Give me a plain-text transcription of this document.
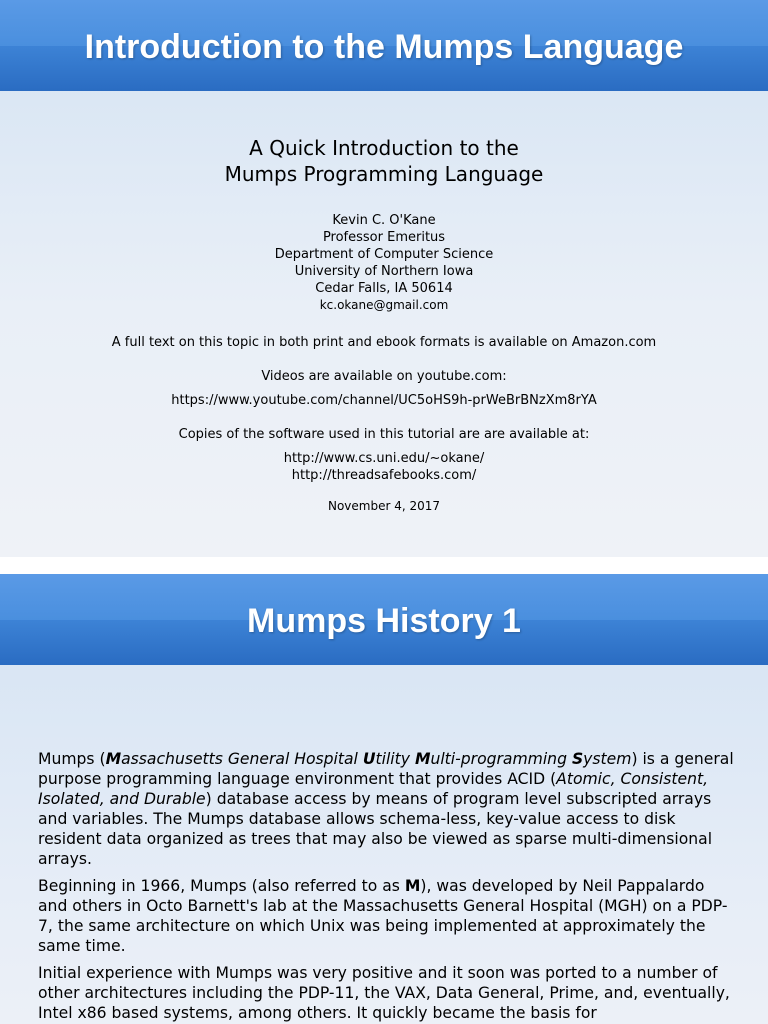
Introduction to the Mumps Language
A Quick Introduction to the
Mumps Programming Language
Kevin C. O'Kane
Professor Emeritus
Department of Computer Science
University of Northern Iowa
Cedar Falls, IA 50614
kc.okane@gmail.com
A full text on this topic in both print and ebook formats is available on Amazon.com
Videos are available on youtube.com:
https://www.youtube.com/channel/UC5oHS9h-prWeBrBNzXm8rYA
Copies of the software used in this tutorial are are available at:
http://www.cs.uni.edu/~okane/
http://threadsafebooks.com/
November 4, 2017
Mumps History 1

Mumps (Massachusetts General Hospital Utility Multi-programming System) is a general purpose programming language environment that provides ACID (Atomic, Consistent, Isolated, and Durable) database access by means of program level subscripted arrays and variables. The Mumps database allows schema-less, key-value access to disk resident data organized as trees that may also be viewed as sparse multi-dimensional arrays.

Beginning in 1966, Mumps (also referred to as M), was developed by Neil Pappalardo and others in Octo Barnett's lab at the Massachusetts General Hospital (MGH) on a PDP-7, the same architecture on which Unix was being implemented at approximately the same time.

Initial experience with Mumps was very positive and it soon was ported to a number of other architectures including the PDP-11, the VAX, Data General, Prime, and, eventually, Intel x86 based systems, among others. It quickly became the basis for
